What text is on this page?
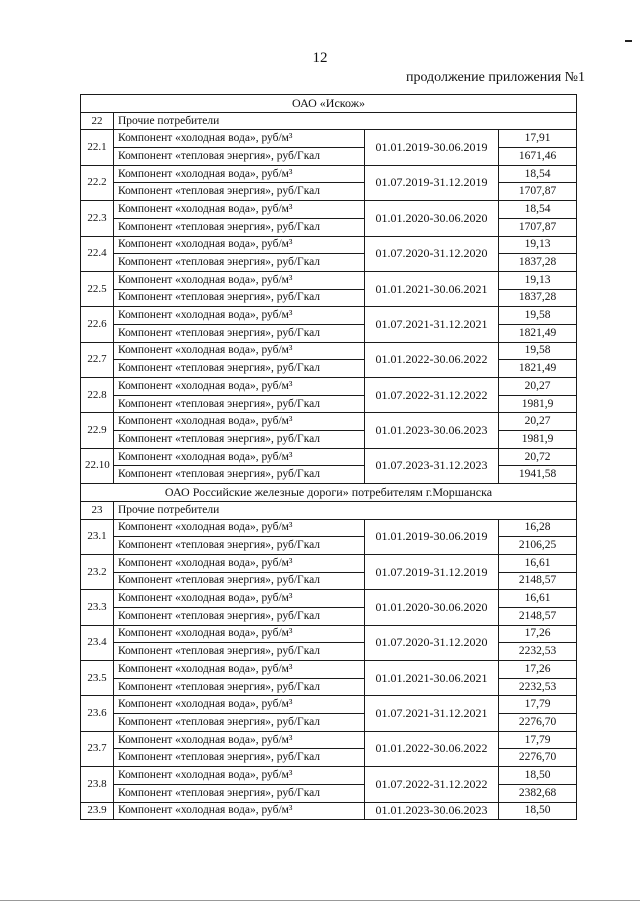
12
продолжение приложения №1
ОАО «Искож»			
22	Прочие потребители		
22.1	Компонент «холодная вода», руб/м³	01.01.2019-30.06.2019	17,91
	Компонент «тепловая энергия», руб/Гкал		1671,46
22.2	Компонент «холодная вода», руб/м³	01.07.2019-31.12.2019	18,54
	Компонент «тепловая энергия», руб/Гкал		1707,87
22.3	Компонент «холодная вода», руб/м³	01.01.2020-30.06.2020	18,54
	Компонент «тепловая энергия», руб/Гкал		1707,87
22.4	Компонент «холодная вода», руб/м³	01.07.2020-31.12.2020	19,13
	Компонент «тепловая энергия», руб/Гкал		1837,28
22.5	Компонент «холодная вода», руб/м³	01.01.2021-30.06.2021	19,13
	Компонент «тепловая энергия», руб/Гкал		1837,28
22.6	Компонент «холодная вода», руб/м³	01.07.2021-31.12.2021	19,58
	Компонент «тепловая энергия», руб/Гкал		1821,49
22.7	Компонент «холодная вода», руб/м³	01.01.2022-30.06.2022	19,58
	Компонент «тепловая энергия», руб/Гкал		1821,49
22.8	Компонент «холодная вода», руб/м³	01.07.2022-31.12.2022	20,27
	Компонент «тепловая энергия», руб/Гкал		1981,9
22.9	Компонент «холодная вода», руб/м³	01.01.2023-30.06.2023	20,27
	Компонент «тепловая энергия», руб/Гкал		1981,9
22.10	Компонент «холодная вода», руб/м³	01.07.2023-31.12.2023	20,72
	Компонент «тепловая энергия», руб/Гкал		1941,58
ОАО Российские железные дороги» потребителям г.Моршанска			
23	Прочие потребители		
23.1	Компонент «холодная вода», руб/м³	01.01.2019-30.06.2019	16,28
	Компонент «тепловая энергия», руб/Гкал		2106,25
23.2	Компонент «холодная вода», руб/м³	01.07.2019-31.12.2019	16,61
	Компонент «тепловая энергия», руб/Гкал		2148,57
23.3	Компонент «холодная вода», руб/м³	01.01.2020-30.06.2020	16,61
	Компонент «тепловая энергия», руб/Гкал		2148,57
23.4	Компонент «холодная вода», руб/м³	01.07.2020-31.12.2020	17,26
	Компонент «тепловая энергия», руб/Гкал		2232,53
23.5	Компонент «холодная вода», руб/м³	01.01.2021-30.06.2021	17,26
	Компонент «тепловая энергия», руб/Гкал		2232,53
23.6	Компонент «холодная вода», руб/м³	01.07.2021-31.12.2021	17,79
	Компонент «тепловая энергия», руб/Гкал		2276,70
23.7	Компонент «холодная вода», руб/м³	01.01.2022-30.06.2022	17,79
	Компонент «тепловая энергия», руб/Гкал		2276,70
23.8	Компонент «холодная вода», руб/м³	01.07.2022-31.12.2022	18,50
	Компонент «тепловая энергия», руб/Гкал		2382,68
23.9	Компонент «холодная вода», руб/м³	01.01.2023-30.06.2023	18,50
